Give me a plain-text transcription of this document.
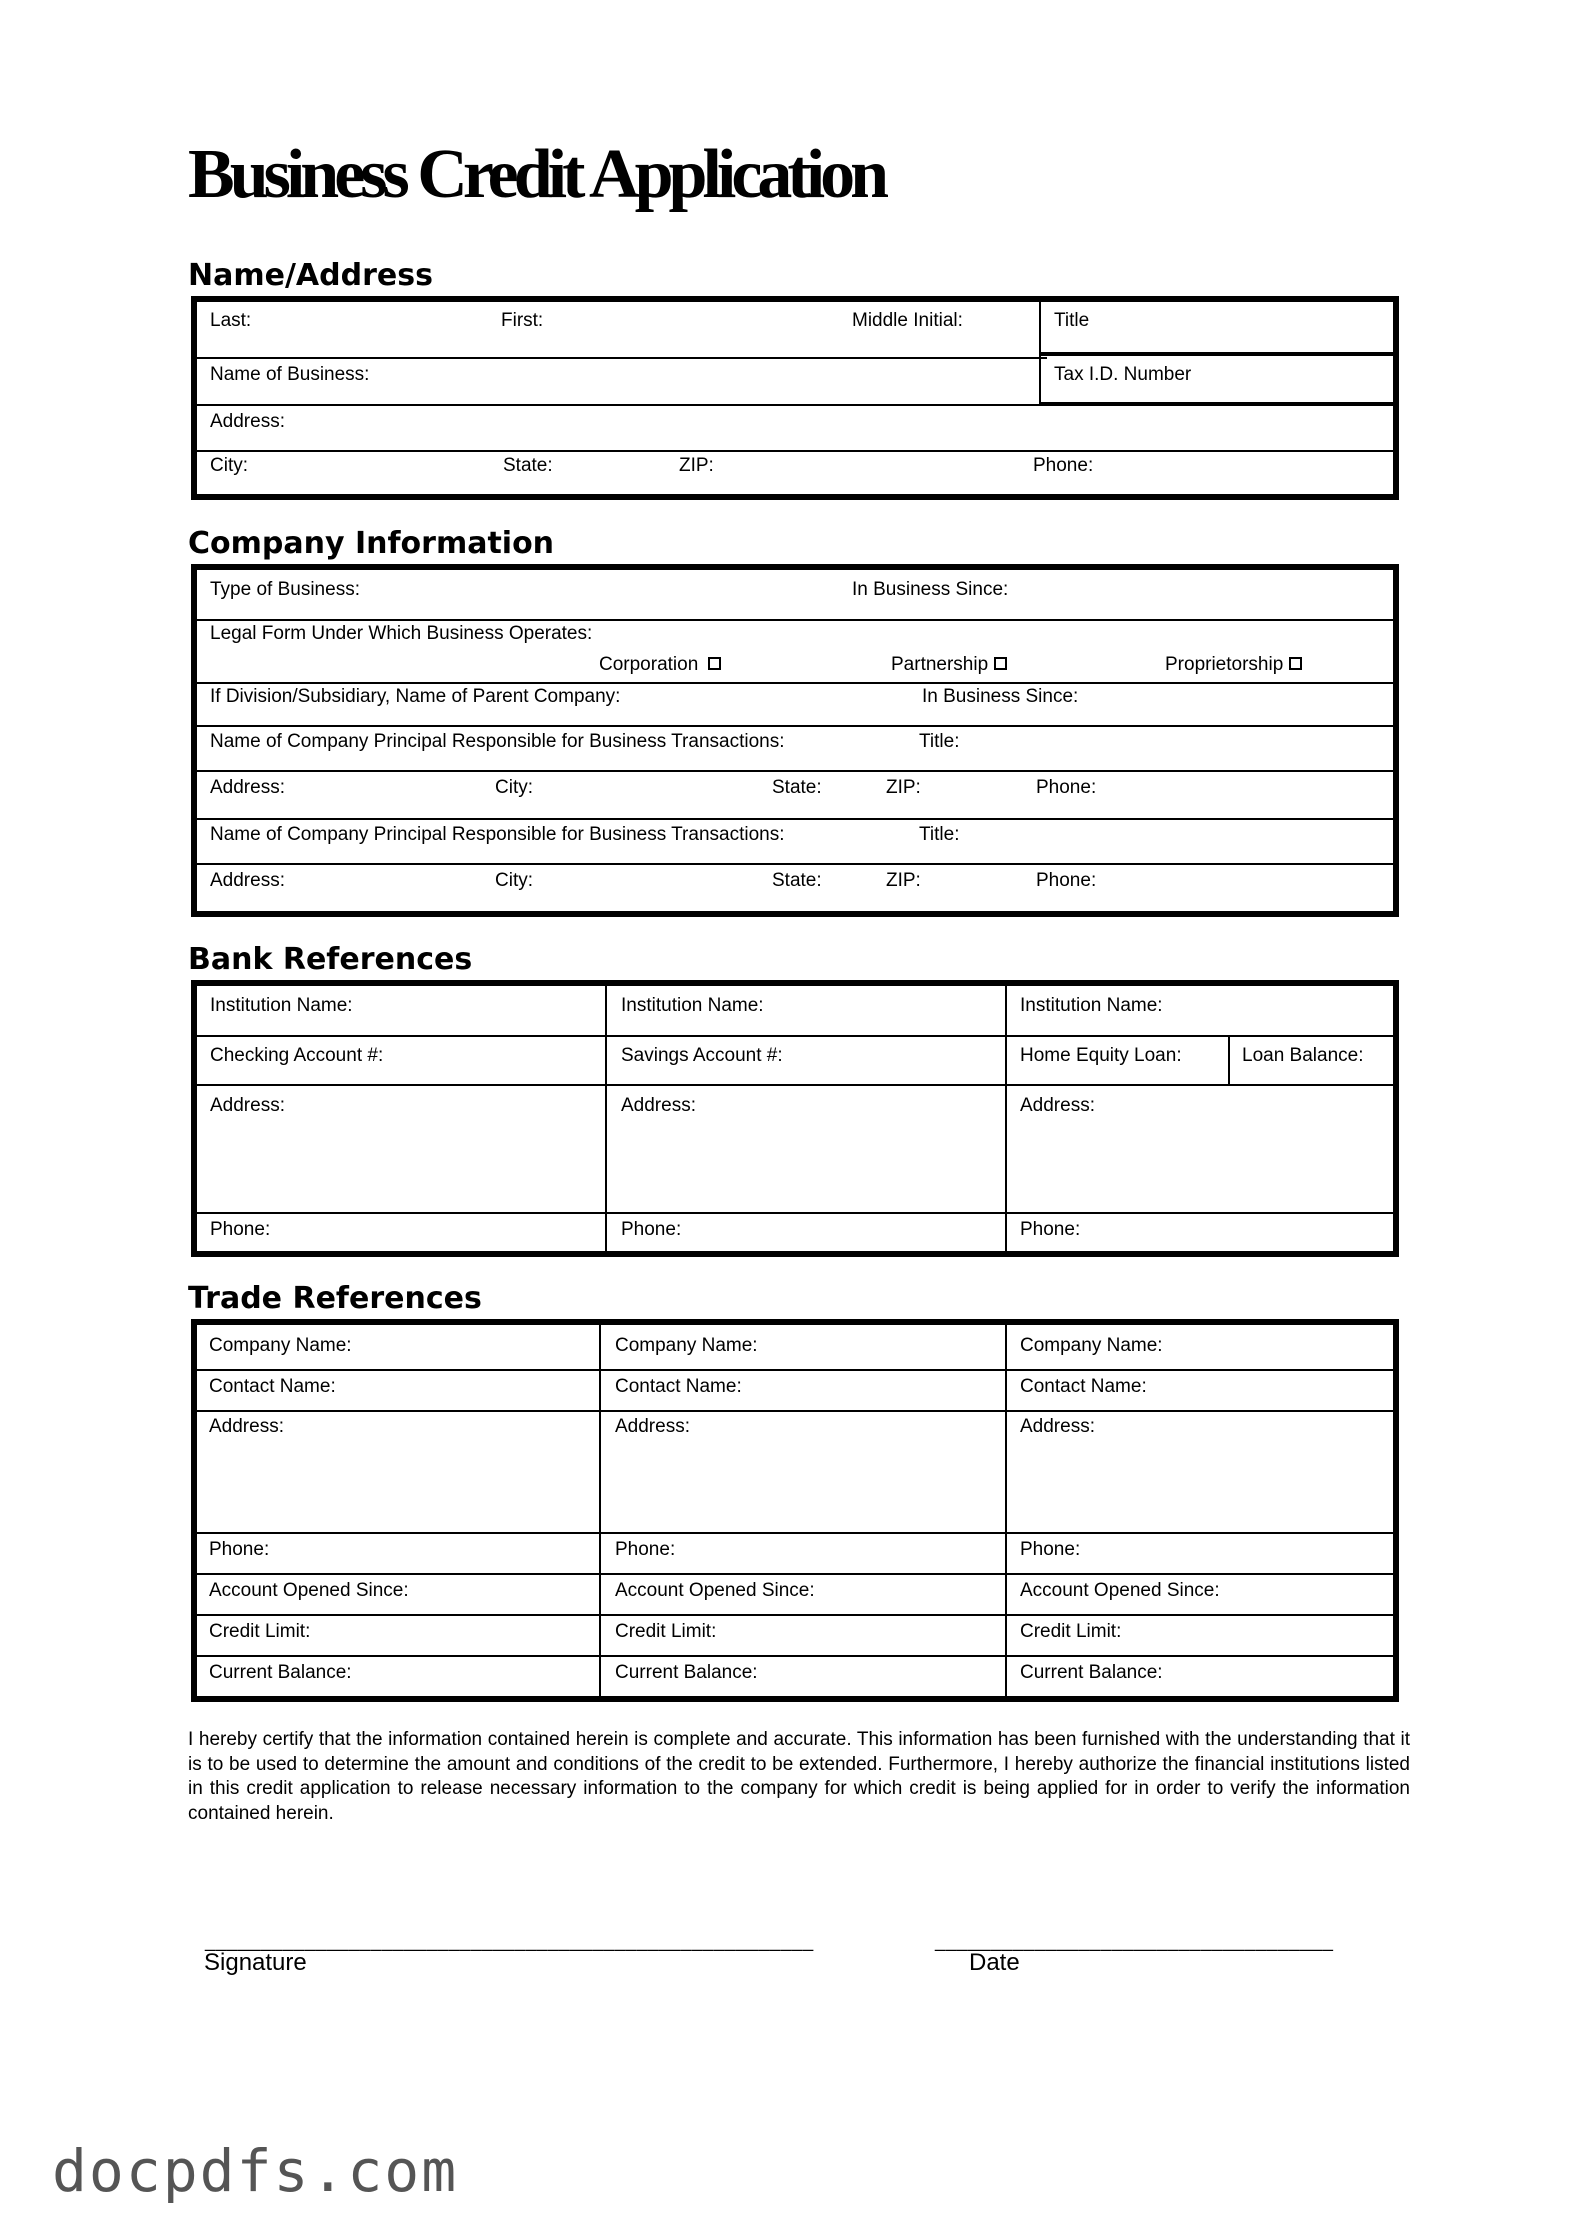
Business Credit Application
Name/Address
Last:	First:	Middle Initial:	Title
Name of Business:	Tax I.D. Number
Address:
City:	State:	ZIP:	Phone:
Company Information
Type of Business:	In Business Since:
Legal Form Under Which Business Operates:
Corporation	Partnership	Proprietorship
If Division/Subsidiary, Name of Parent Company:	In Business Since:
Name of Company Principal Responsible for Business Transactions:	Title:
Address:	City:	State:	ZIP:	Phone:
Name of Company Principal Responsible for Business Transactions:	Title:
Address:	City:	State:	ZIP:	Phone:
Bank References
Institution Name:	Institution Name:	Institution Name:
Checking Account #:	Savings Account #:	Home Equity Loan:	Loan Balance:
Address:	Address:	Address:
Phone:	Phone:	Phone:
Trade References
Company Name:	Company Name:	Company Name:
Contact Name:	Contact Name:	Contact Name:
Address:	Address:	Address:
Phone:	Phone:	Phone:
Account Opened Since:	Account Opened Since:	Account Opened Since:
Credit Limit:	Credit Limit:	Credit Limit:
Current Balance:	Current Balance:	Current Balance:
I hereby certify that the information contained herein is complete and accurate. This information has been furnished with the understanding that it is to be used to determine the amount and conditions of the credit to be extended. Furthermore, I hereby authorize the financial institutions listed in this credit application to release necessary information to the company for which credit is being applied for in order to verify the information contained herein.
_______________________________________________________	____________________________________
Signature	Date
docpdfs.com
